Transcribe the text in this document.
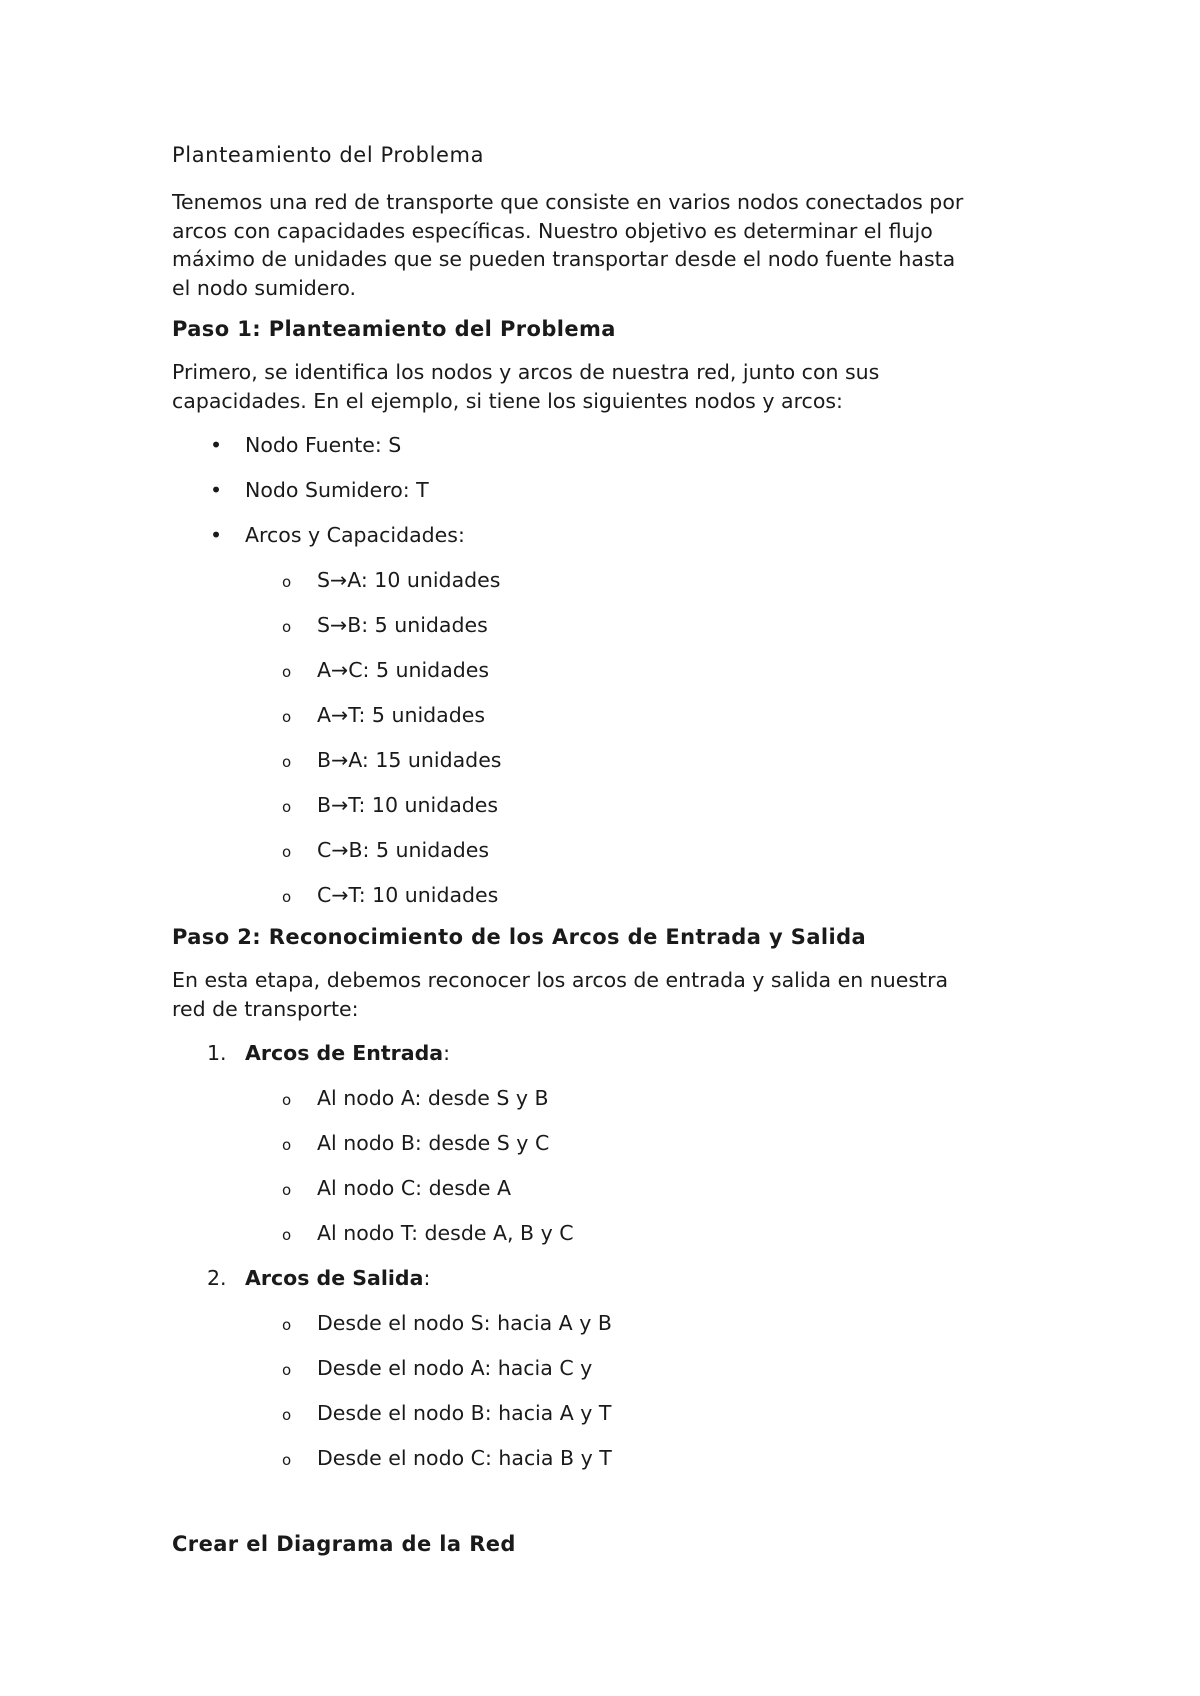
Planteamiento del Problema
Tenemos una red de transporte que consiste en varios nodos conectados por
arcos con capacidades específicas. Nuestro objetivo es determinar el flujo
máximo de unidades que se pueden transportar desde el nodo fuente hasta
el nodo sumidero.
Paso 1: Planteamiento del Problema
Primero, se identifica los nodos y arcos de nuestra red, junto con sus
capacidades. En el ejemplo, si tiene los siguientes nodos y arcos:
• Nodo Fuente: S
• Nodo Sumidero: T
• Arcos y Capacidades:
o S→A: 10 unidades
o S→B: 5 unidades
o A→C: 5 unidades
o A→T: 5 unidades
o B→A: 15 unidades
o B→T: 10 unidades
o C→B: 5 unidades
o C→T: 10 unidades
Paso 2: Reconocimiento de los Arcos de Entrada y Salida
En esta etapa, debemos reconocer los arcos de entrada y salida en nuestra
red de transporte:
1. Arcos de Entrada:
o Al nodo A: desde S y B
o Al nodo B: desde S y C
o Al nodo C: desde A
o Al nodo T: desde A, B y C
2. Arcos de Salida:
o Desde el nodo S: hacia A y B
o Desde el nodo A: hacia C y
o Desde el nodo B: hacia A y T
o Desde el nodo C: hacia B y T
Crear el Diagrama de la Red
